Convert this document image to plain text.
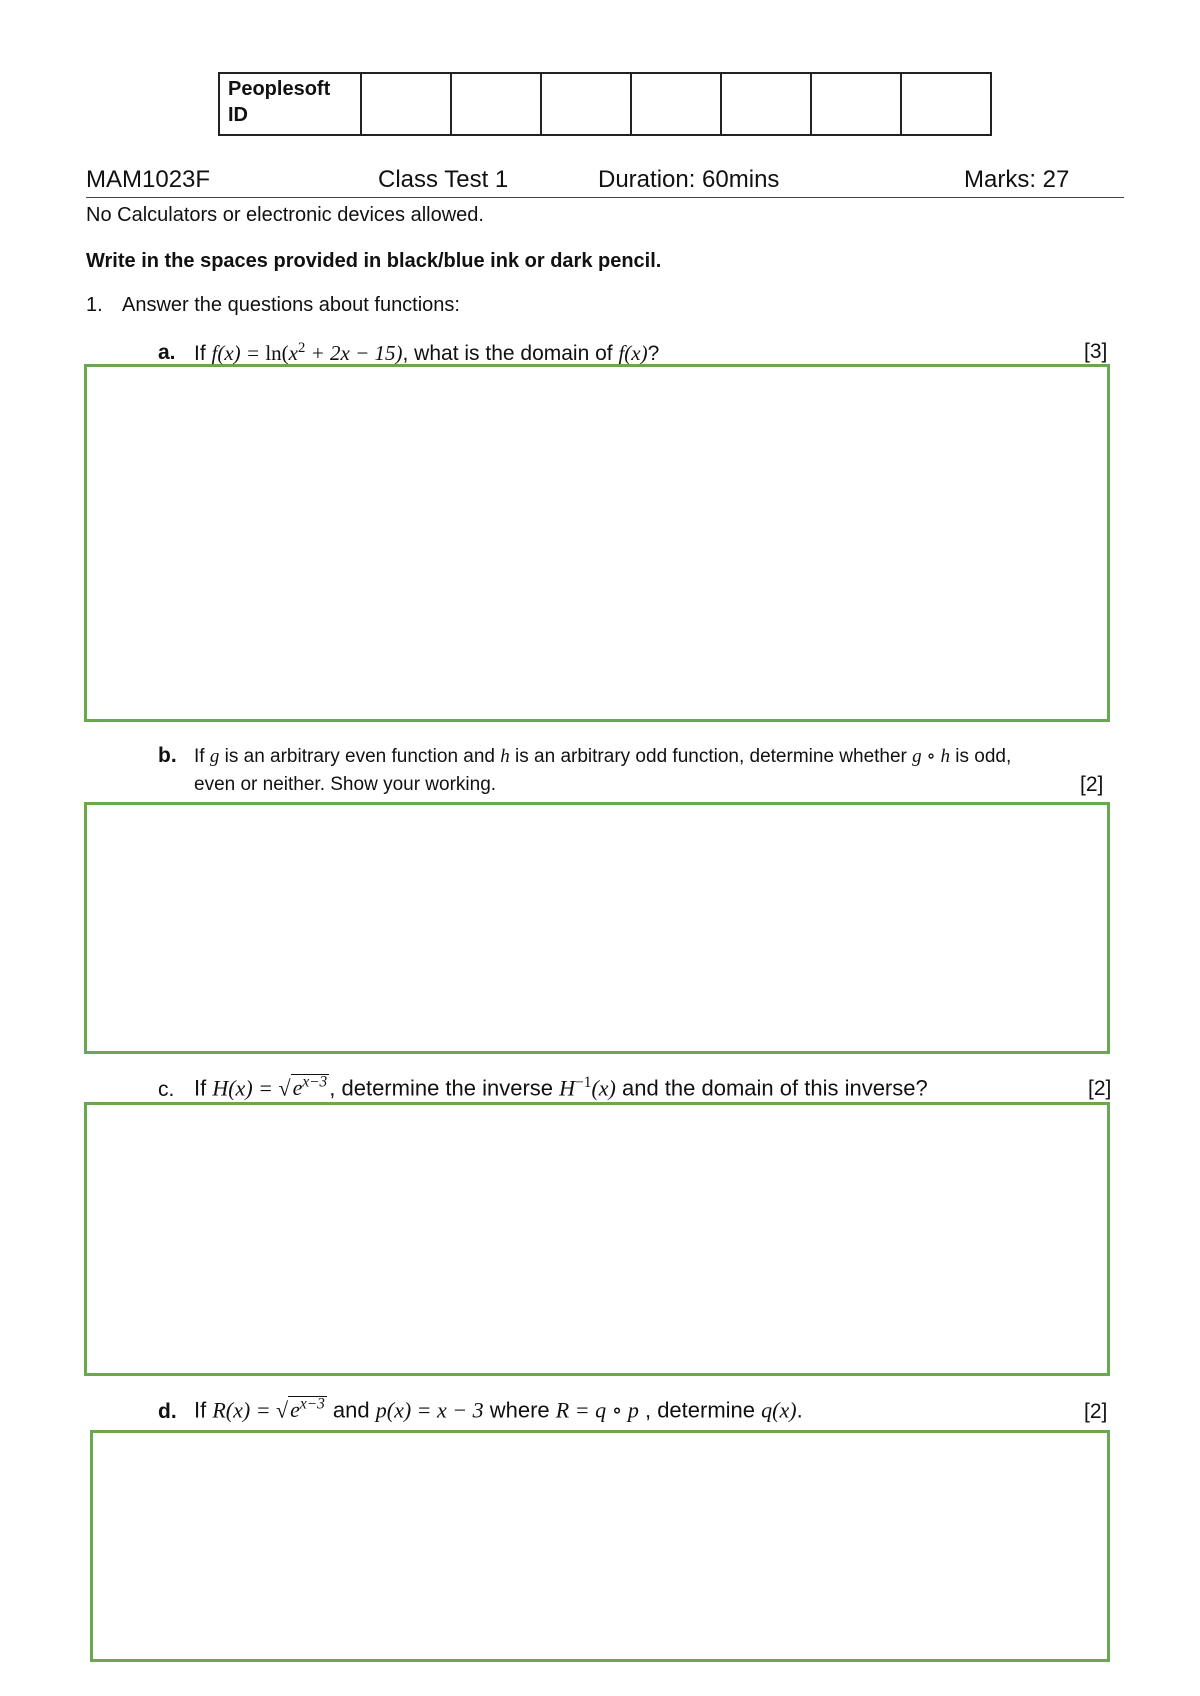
Peoplesoft
ID

MAM1023F	Class Test 1	Duration: 60mins	Marks: 27
No Calculators or electronic devices allowed.
Write in the spaces provided in black/blue ink or dark pencil.
1. Answer the questions about functions:
a. If $f(x) = \ln(x^2 + 2x - 15)$, what is the domain of f(x)?	[3]
b. If g is an arbitrary even function and h is an arbitrary odd function, determine whether g ∘ h is odd,
even or neither. Show your working.	[2]
c. If $H(x) = √e^{x-3}$, determine the inverse $H^{-1}(x)$ and the domain of this inverse?	[2]
d. If $R(x) = √e^{x-3}$ and p(x) = x − 3 where R = q ∘ p , determine q(x).	[2]
